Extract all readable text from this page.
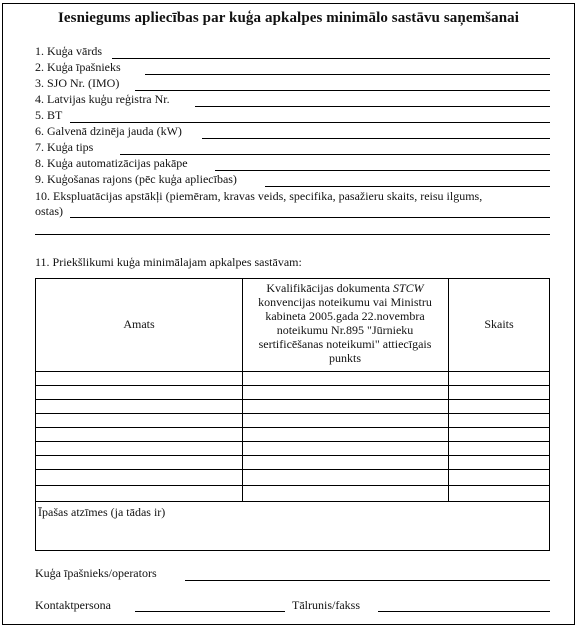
Iesniegums apliecības par kuģa apkalpes minimālo sastāvu saņemšanai
1. Kuģa vārds
2. Kuģa īpašnieks
3. SJO Nr. (IMO)
4. Latvijas kuģu reģistra Nr.
5. BT
6. Galvenā dzinēja jauda (kW)
7. Kuģa tips
8. Kuģa automatizācijas pakāpe
9. Kuģošanas rajons (pēc kuģa apliecības)
10. Ekspluatācijas apstākļi (piemēram, kravas veids, specifika, pasažieru skaits, reisu ilgums,
ostas)
11. Priekšlikumi kuģa minimālajam apkalpes sastāvam:
Amats
Kvalifikācijas dokumenta STCW
konvencijas noteikumu vai Ministru kabineta 2005.gada 22.novembra noteikumu Nr.895 "Jūrnieku sertificēšanas noteikumi" attiecīgais punkts
Skaits
Īpašas atzīmes (ja tādas ir)
Kuģa īpašnieks/operators
Kontaktpersona	Tālrunis/fakss
